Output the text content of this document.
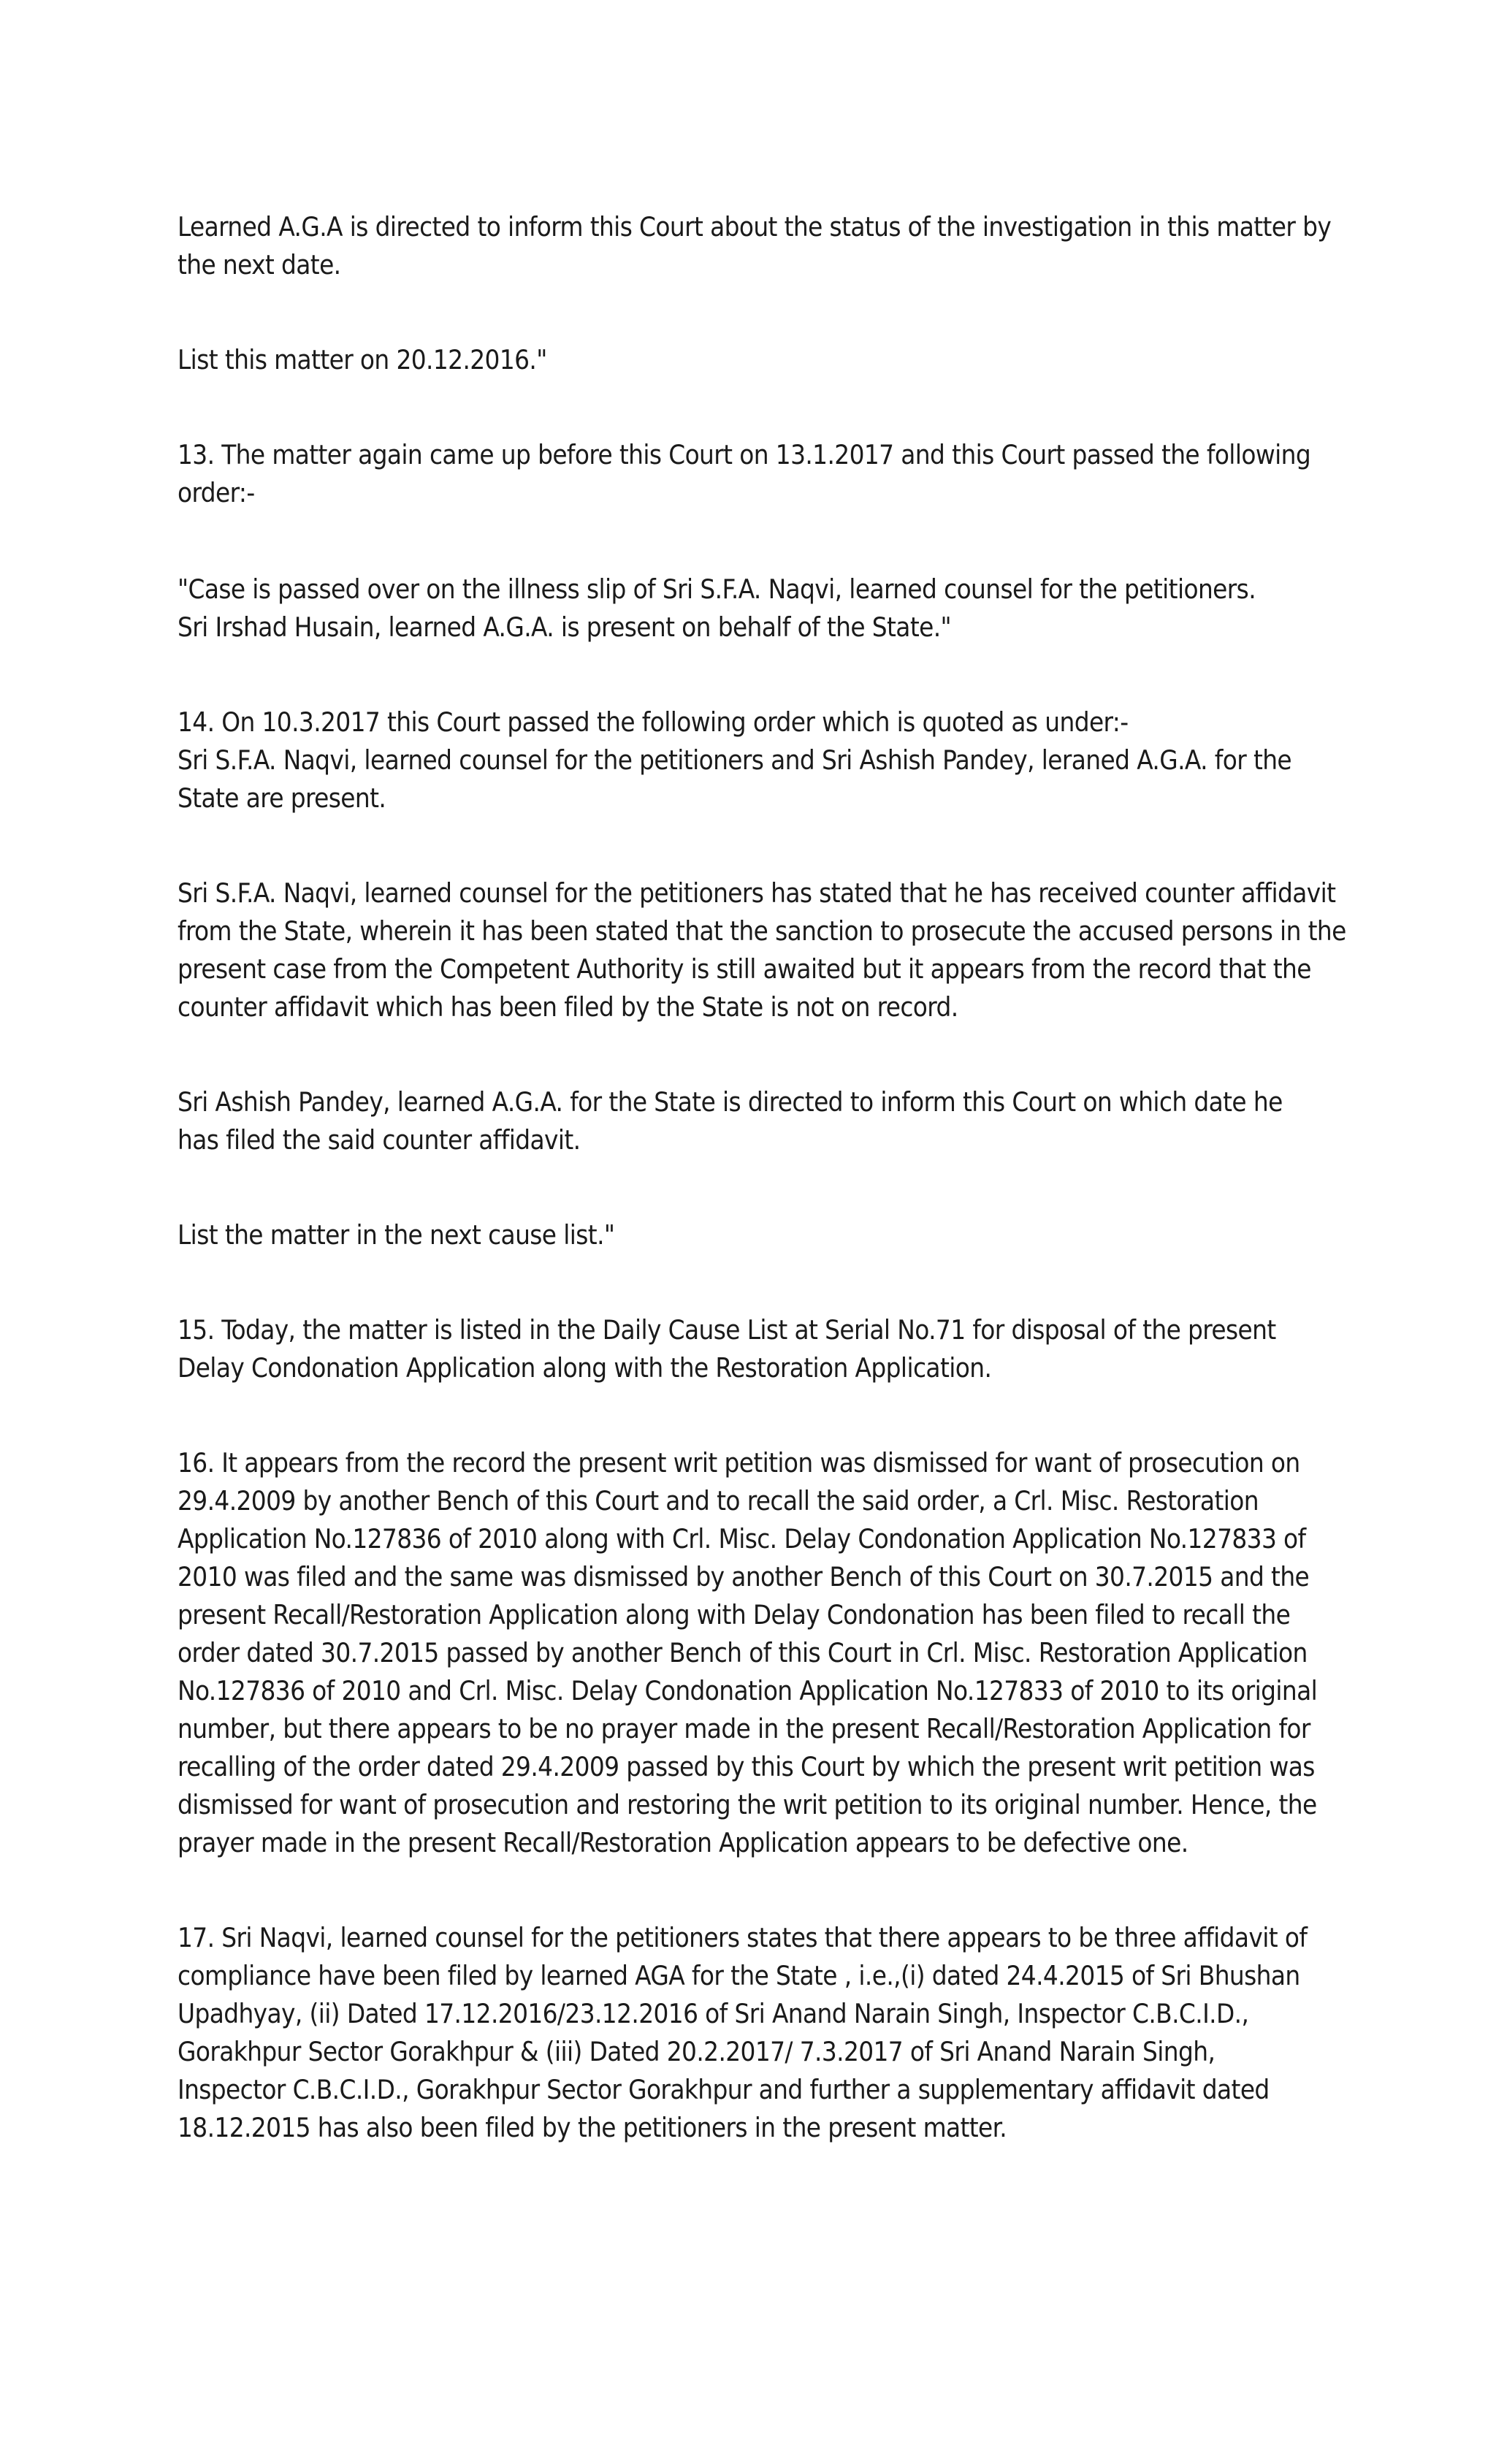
Learned A.G.A is directed to inform this Court about the status of the investigation in this matter by
the next date.

List this matter on 20.12.2016."

13. The matter again came up before this Court on 13.1.2017 and this Court passed the following
order:-

"Case is passed over on the illness slip of Sri S.F.A. Naqvi, learned counsel for the petitioners.
Sri Irshad Husain, learned A.G.A. is present on behalf of the State."

14. On 10.3.2017 this Court passed the following order which is quoted as under:-
Sri S.F.A. Naqvi, learned counsel for the petitioners and Sri Ashish Pandey, leraned A.G.A. for the
State are present.

Sri S.F.A. Naqvi, learned counsel for the petitioners has stated that he has received counter affidavit
from the State, wherein it has been stated that the sanction to prosecute the accused persons in the
present case from the Competent Authority is still awaited but it appears from the record that the
counter affidavit which has been filed by the State is not on record.

Sri Ashish Pandey, learned A.G.A. for the State is directed to inform this Court on which date he
has filed the said counter affidavit.

List the matter in the next cause list."

15. Today, the matter is listed in the Daily Cause List at Serial No.71 for disposal of the present
Delay Condonation Application along with the Restoration Application.

16. It appears from the record the present writ petition was dismissed for want of prosecution on
29.4.2009 by another Bench of this Court and to recall the said order, a Crl. Misc. Restoration
Application No.127836 of 2010 along with Crl. Misc. Delay Condonation Application No.127833 of
2010 was filed and the same was dismissed by another Bench of this Court on 30.7.2015 and the
present Recall/Restoration Application along with Delay Condonation has been filed to recall the
order dated 30.7.2015 passed by another Bench of this Court in Crl. Misc. Restoration Application
No.127836 of 2010 and Crl. Misc. Delay Condonation Application No.127833 of 2010 to its original
number, but there appears to be no prayer made in the present Recall/Restoration Application for
recalling of the order dated 29.4.2009 passed by this Court by which the present writ petition was
dismissed for want of prosecution and restoring the writ petition to its original number. Hence, the
prayer made in the present Recall/Restoration Application appears to be defective one.

17. Sri Naqvi, learned counsel for the petitioners states that there appears to be three affidavit of
compliance have been filed by learned AGA for the State , i.e.,(i) dated 24.4.2015 of Sri Bhushan
Upadhyay, (ii) Dated 17.12.2016/23.12.2016 of Sri Anand Narain Singh, Inspector C.B.C.I.D.,
Gorakhpur Sector Gorakhpur & (iii) Dated 20.2.2017/ 7.3.2017 of Sri Anand Narain Singh,
Inspector C.B.C.I.D., Gorakhpur Sector Gorakhpur and further a supplementary affidavit dated
18.12.2015 has also been filed by the petitioners in the present matter.
